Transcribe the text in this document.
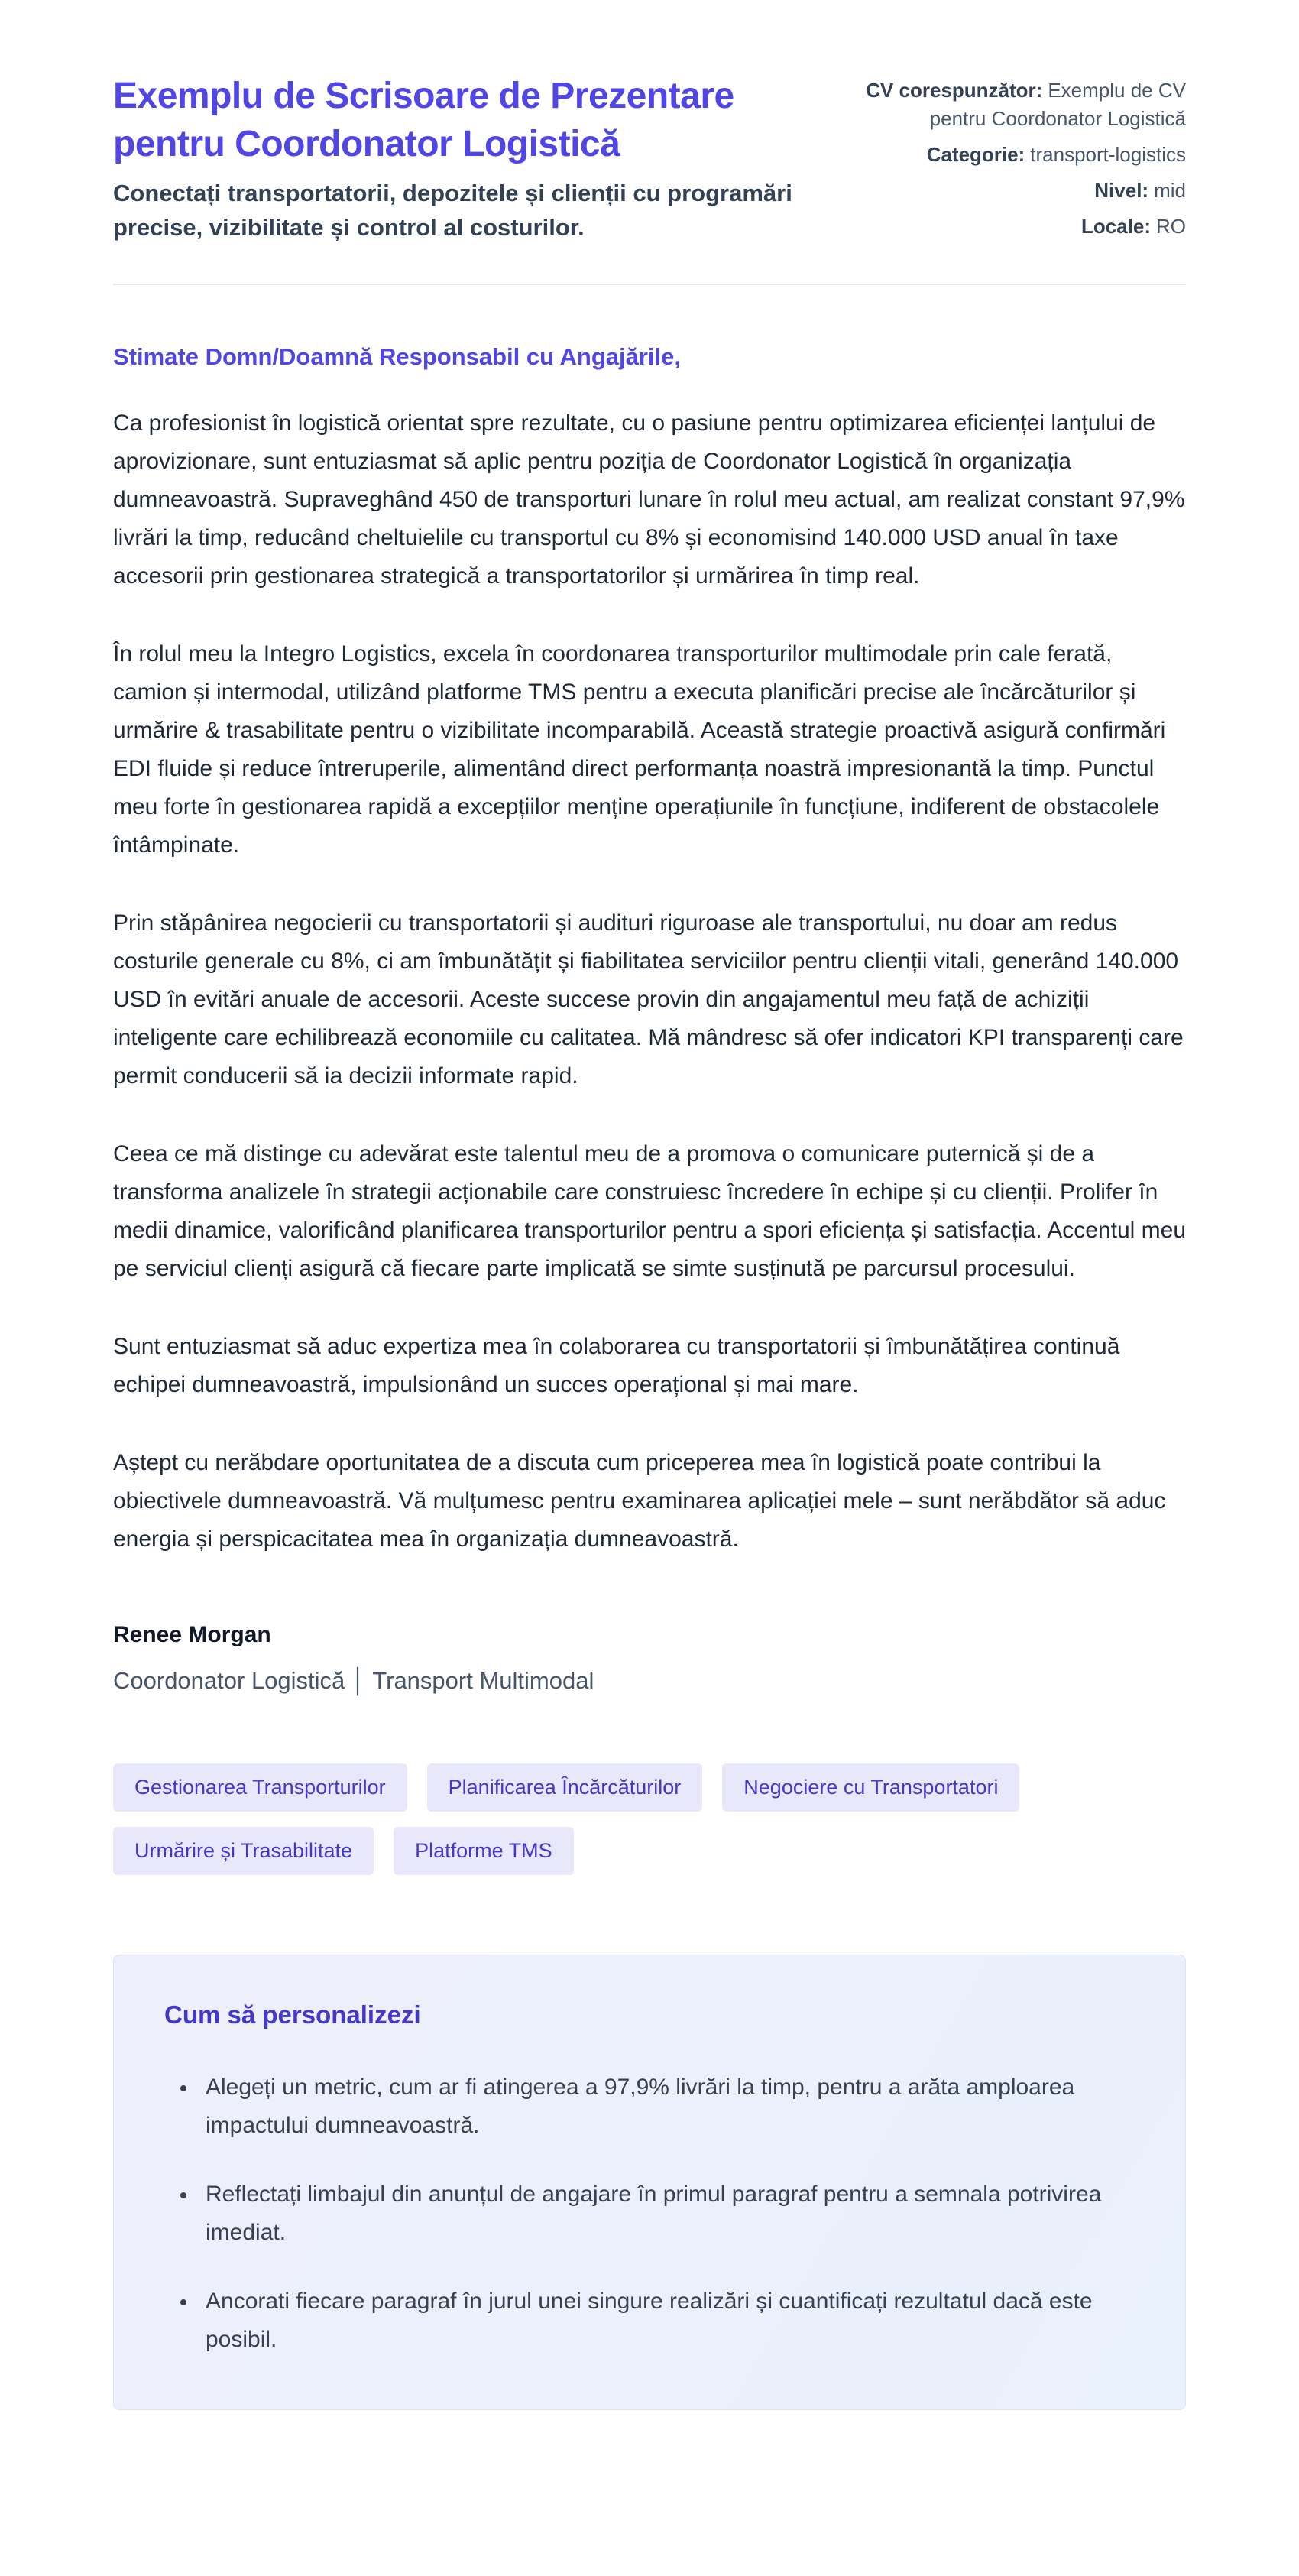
Exemplu de Scrisoare de Prezentare pentru Coordonator Logistică

Conectați transportatorii, depozitele și clienții cu programări precise, vizibilitate și control al costurilor.

CV corespunzător: Exemplu de CV pentru Coordonator Logistică
Categorie: transport-logistics
Nivel: mid
Locale: RO

Stimate Domn/Doamnă Responsabil cu Angajările,

Ca profesionist în logistică orientat spre rezultate, cu o pasiune pentru optimizarea eficienței lanțului de aprovizionare, sunt entuziasmat să aplic pentru poziția de Coordonator Logistică în organizația dumneavoastră. Supraveghând 450 de transporturi lunare în rolul meu actual, am realizat constant 97,9% livrări la timp, reducând cheltuielile cu transportul cu 8% și economisind 140.000 USD anual în taxe accesorii prin gestionarea strategică a transportatorilor și urmărirea în timp real.

În rolul meu la Integro Logistics, excela în coordonarea transporturilor multimodale prin cale ferată, camion și intermodal, utilizând platforme TMS pentru a executa planificări precise ale încărcăturilor și urmărire & trasabilitate pentru o vizibilitate incomparabilă. Această strategie proactivă asigură confirmări EDI fluide și reduce întreruperile, alimentând direct performanța noastră impresionantă la timp. Punctul meu forte în gestionarea rapidă a excepțiilor menține operațiunile în funcțiune, indiferent de obstacolele întâmpinate.

Prin stăpânirea negocierii cu transportatorii și audituri riguroase ale transportului, nu doar am redus costurile generale cu 8%, ci am îmbunătățit și fiabilitatea serviciilor pentru clienții vitali, generând 140.000 USD în evitări anuale de accesorii. Aceste succese provin din angajamentul meu față de achiziții inteligente care echilibrează economiile cu calitatea. Mă mândresc să ofer indicatori KPI transparenți care permit conducerii să ia decizii informate rapid.

Ceea ce mă distinge cu adevărat este talentul meu de a promova o comunicare puternică și de a transforma analizele în strategii acționabile care construiesc încredere în echipe și cu clienții. Prolifer în medii dinamice, valorificând planificarea transporturilor pentru a spori eficiența și satisfacția. Accentul meu pe serviciul clienți asigură că fiecare parte implicată se simte susținută pe parcursul procesului.

Sunt entuziasmat să aduc expertiza mea în colaborarea cu transportatorii și îmbunătățirea continuă echipei dumneavoastră, impulsionând un succes operațional și mai mare.

Aștept cu nerăbdare oportunitatea de a discuta cum priceperea mea în logistică poate contribui la obiectivele dumneavoastră. Vă mulțumesc pentru examinarea aplicației mele – sunt nerăbdător să aduc energia și perspicacitatea mea în organizația dumneavoastră.

Renee Morgan

Coordonator Logistică │ Transport Multimodal

Gestionarea Transporturilor	Planificarea Încărcăturilor	Negociere cu Transportatori
Urmărire și Trasabilitate	Platforme TMS
Cum să personalizezi
• Alegeți un metric, cum ar fi atingerea a 97,9% livrări la timp, pentru a arăta amploarea impactului dumneavoastră.
• Reflectați limbajul din anunțul de angajare în primul paragraf pentru a semnala potrivirea imediat.
• Ancorati fiecare paragraf în jurul unei singure realizări și cuantificați rezultatul dacă este posibil.
